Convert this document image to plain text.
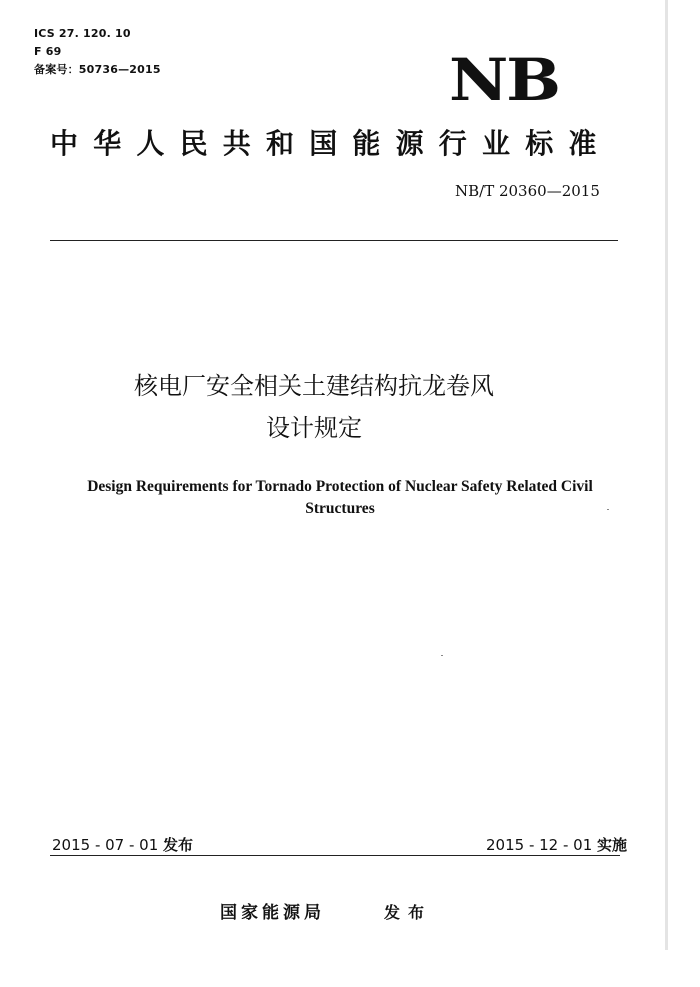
ICS 27. 120. 10
F 69
备案号：50736—2015	NB
中华人民共和国能源行业标准
NB/T 20360—2015
核电厂安全相关土建结构抗龙卷风
设计规定
Design Requirements for Tornado Protection of Nuclear Safety Related Civil
Structures
2015 - 07 - 01 发布	2015 - 12 - 01 实施
国家能源局	发布
